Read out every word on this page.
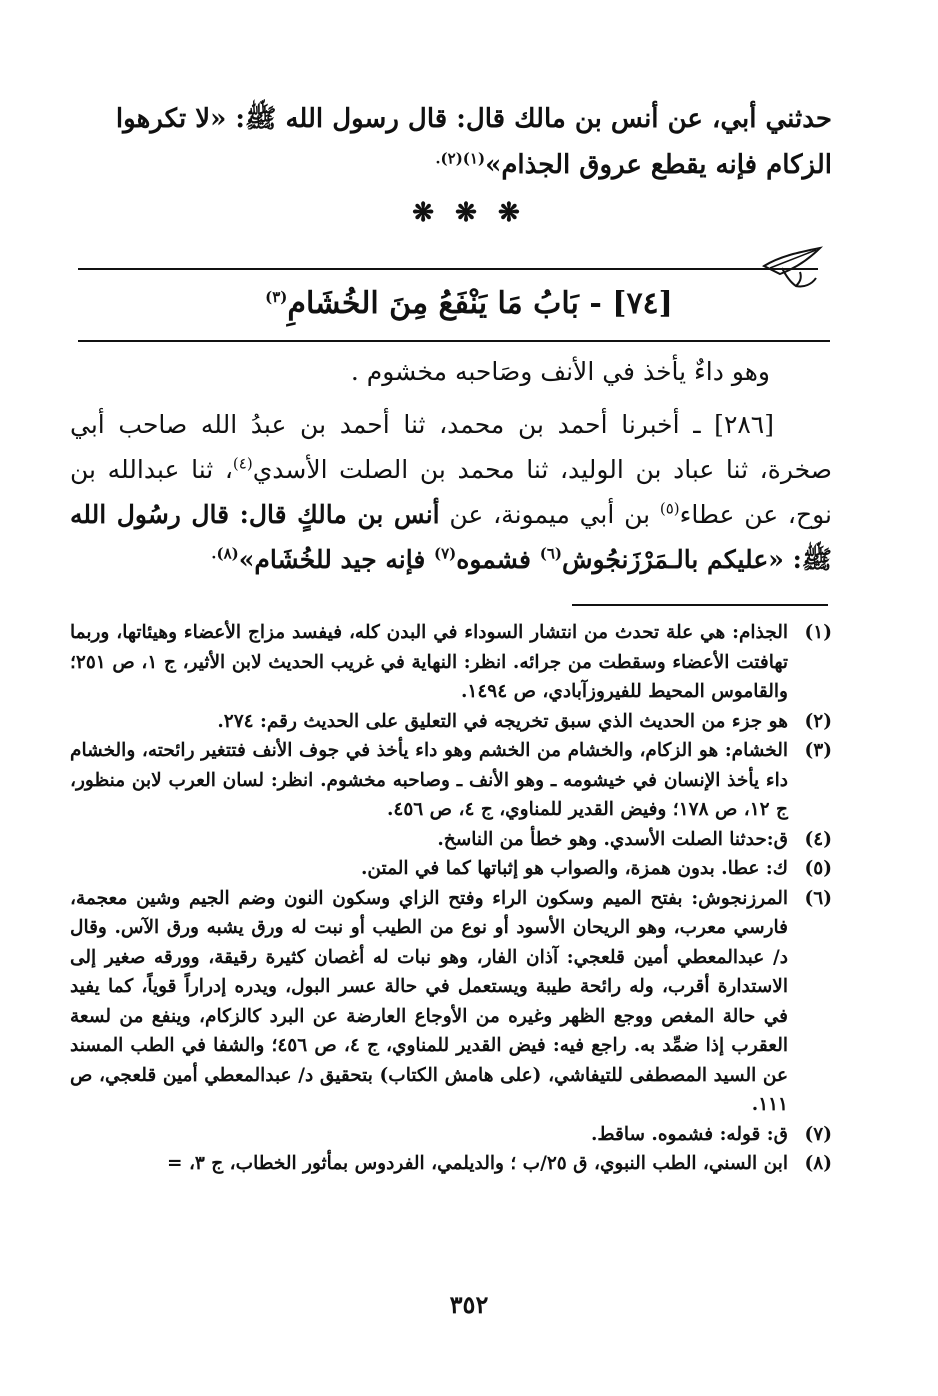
حدثني أبي، عن أنس بن مالك قال: قال رسول الله ﷺ: «لا تكرهوا
الزكام فإنه يقطع عروق الجذام»$^{(١)(٢).}$
❋ ❋ ❋
[٧٤] - بَابُ مَا يَنْفَعُ مِنَ الخُشَامِ$^{(٣)}$
وهو داءٌ يأخذ في الأنف وصَاحبه مخشوم .
[٢٨٦] ـ أخبرنا أحمد بن محمد، ثنا أحمد بن عبدُ الله صاحب أبي صخرة، ثنا عباد بن الوليد، ثنا محمد بن الصلت الأسدي$^{(٤)}$، ثنا عبدالله بن نوح، عن عطاء$^{(٥)}$ بن أبي ميمونة، عن أنس بن مالكٍ قال: قال رسُول الله ﷺ: «عليكم بالـمَرْزَنجُوش$^{(٦)}$ فشموه$^{(٧)}$ فإنه جيد للخُشَام»$^{(٨).}$
(١)
الجذام: هي علة تحدث من انتشار السوداء في البدن كله، فيفسد مزاج الأعضاء وهيئاتها، وربما تهافتت الأعضاء وسقطت من جرائه. انظر: النهاية في غريب الحديث لابن الأثير، ج ١، ص ٢٥١؛ والقاموس المحيط للفيروزآبادي، ص ١٤٩٤.
(٢)
هو جزء من الحديث الذي سبق تخريجه في التعليق على الحديث رقم: ٢٧٤.
(٣)
الخشام: هو الزكام، والخشام من الخشم وهو داء يأخذ في جوف الأنف فتتغير رائحته، والخشام داء يأخذ الإنسان في خيشومه ـ وهو الأنف ـ وصاحبه مخشوم. انظر: لسان العرب لابن منظور، ج ١٢، ص ١٧٨؛ وفيض القدير للمناوي، ج ٤، ص ٤٥٦.
(٤)
ق:حدثنا الصلت الأسدي. وهو خطأ من الناسخ.
(٥)
ك: عطا. بدون همزة، والصواب هو إثباتها كما في المتن.
(٦)
المرزنجوش: بفتح الميم وسكون الراء وفتح الزاي وسكون النون وضم الجيم وشين معجمة، فارسي معرب، وهو الريحان الأسود أو نوع من الطيب أو نبت له ورق يشبه ورق الآس. وقال د/ عبدالمعطي أمين قلعجي: آذان الفار، وهو نبات له أغصان كثيرة رقيقة، وورقه صغير إلى الاستدارة أقرب، وله رائحة طيبة ويستعمل في حالة عسر البول، ويدره إدراراً قوياً، كما يفيد في حالة المغص ووجع الظهر وغيره من الأوجاع العارضة عن البرد كالزكام، وينفع من لسعة العقرب إذا ضمِّد به. راجع فيه: فيض القدير للمناوي، ج ٤، ص ٤٥٦؛ والشفا في الطب المسند عن السيد المصطفى للتيفاشي، (على هامش الكتاب) بتحقيق د/ عبدالمعطي أمين قلعجي، ص ١١١.
(٧)
ق: قوله: فشموه. ساقط.
(٨)
ابن السني، الطب النبوي، ق ٢٥/ب ؛ والديلمي، الفردوس بمأثور الخطاب، ج ٣، =
٣٥٢
